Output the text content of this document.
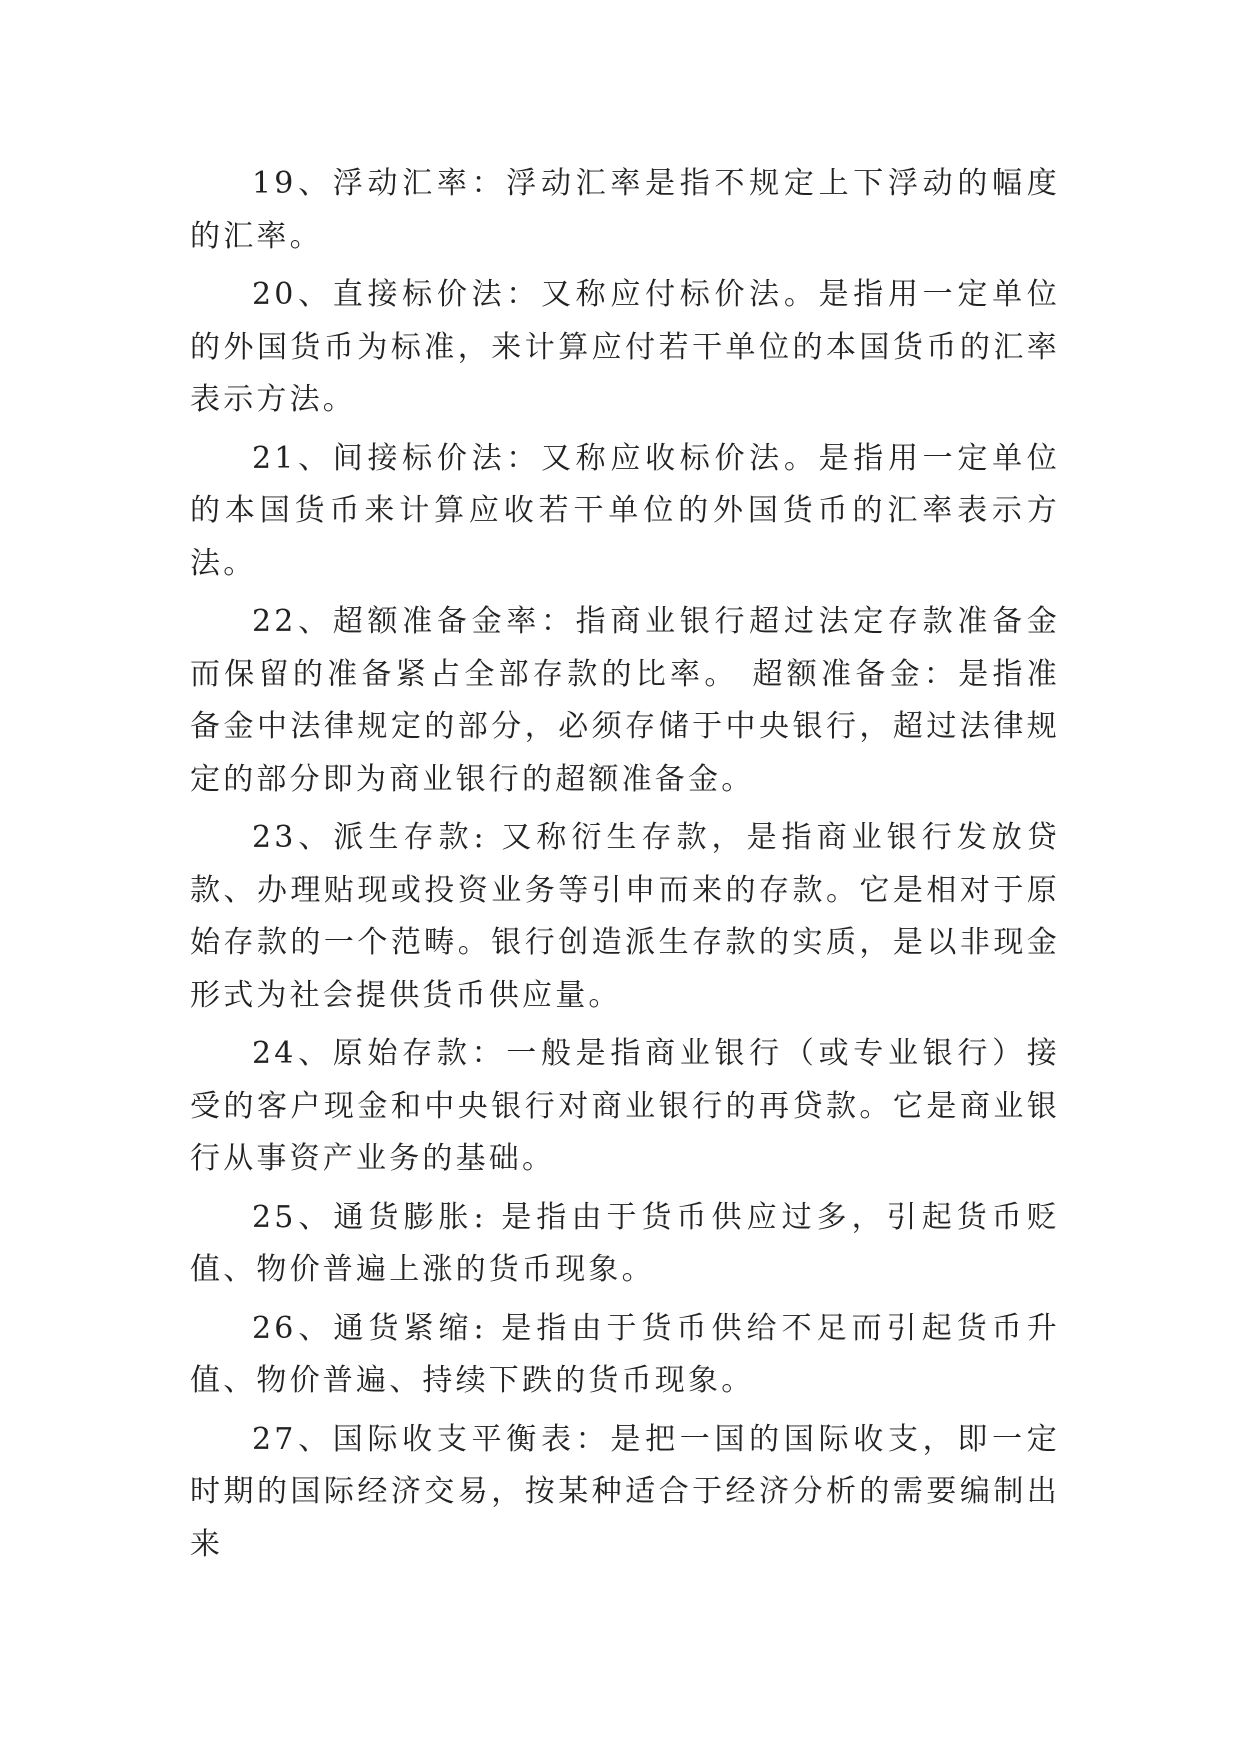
19、浮动汇率：浮动汇率是指不规定上下浮动的幅度的汇率。

20、直接标价法：又称应付标价法。是指用一定单位的外国货币为标准，来计算应付若干单位的本国货币的汇率表示方法。

21、间接标价法：又称应收标价法。是指用一定单位的本国货币来计算应收若干单位的外国货币的汇率表示方法。

22、超额准备金率：指商业银行超过法定存款准备金而保留的准备紧占全部存款的比率。 超额准备金：是指准备金中法律规定的部分，必须存储于中央银行，超过法律规定的部分即为商业银行的超额准备金。

23、派生存款: 又称衍生存款，是指商业银行发放贷款、办理贴现或投资业务等引申而来的存款。它是相对于原始存款的一个范畴。银行创造派生存款的实质，是以非现金形式为社会提供货币供应量。

24、原始存款：一般是指商业银行（或专业银行）接受的客户现金和中央银行对商业银行的再贷款。它是商业银行从事资产业务的基础。

25、通货膨胀: 是指由于货币供应过多，引起货币贬值、物价普遍上涨的货币现象。

26、通货紧缩: 是指由于货币供给不足而引起货币升值、物价普遍、持续下跌的货币现象。

27、国际收支平衡表：是把一国的国际收支，即一定时期的国际经济交易，按某种适合于经济分析的需要编制出来
